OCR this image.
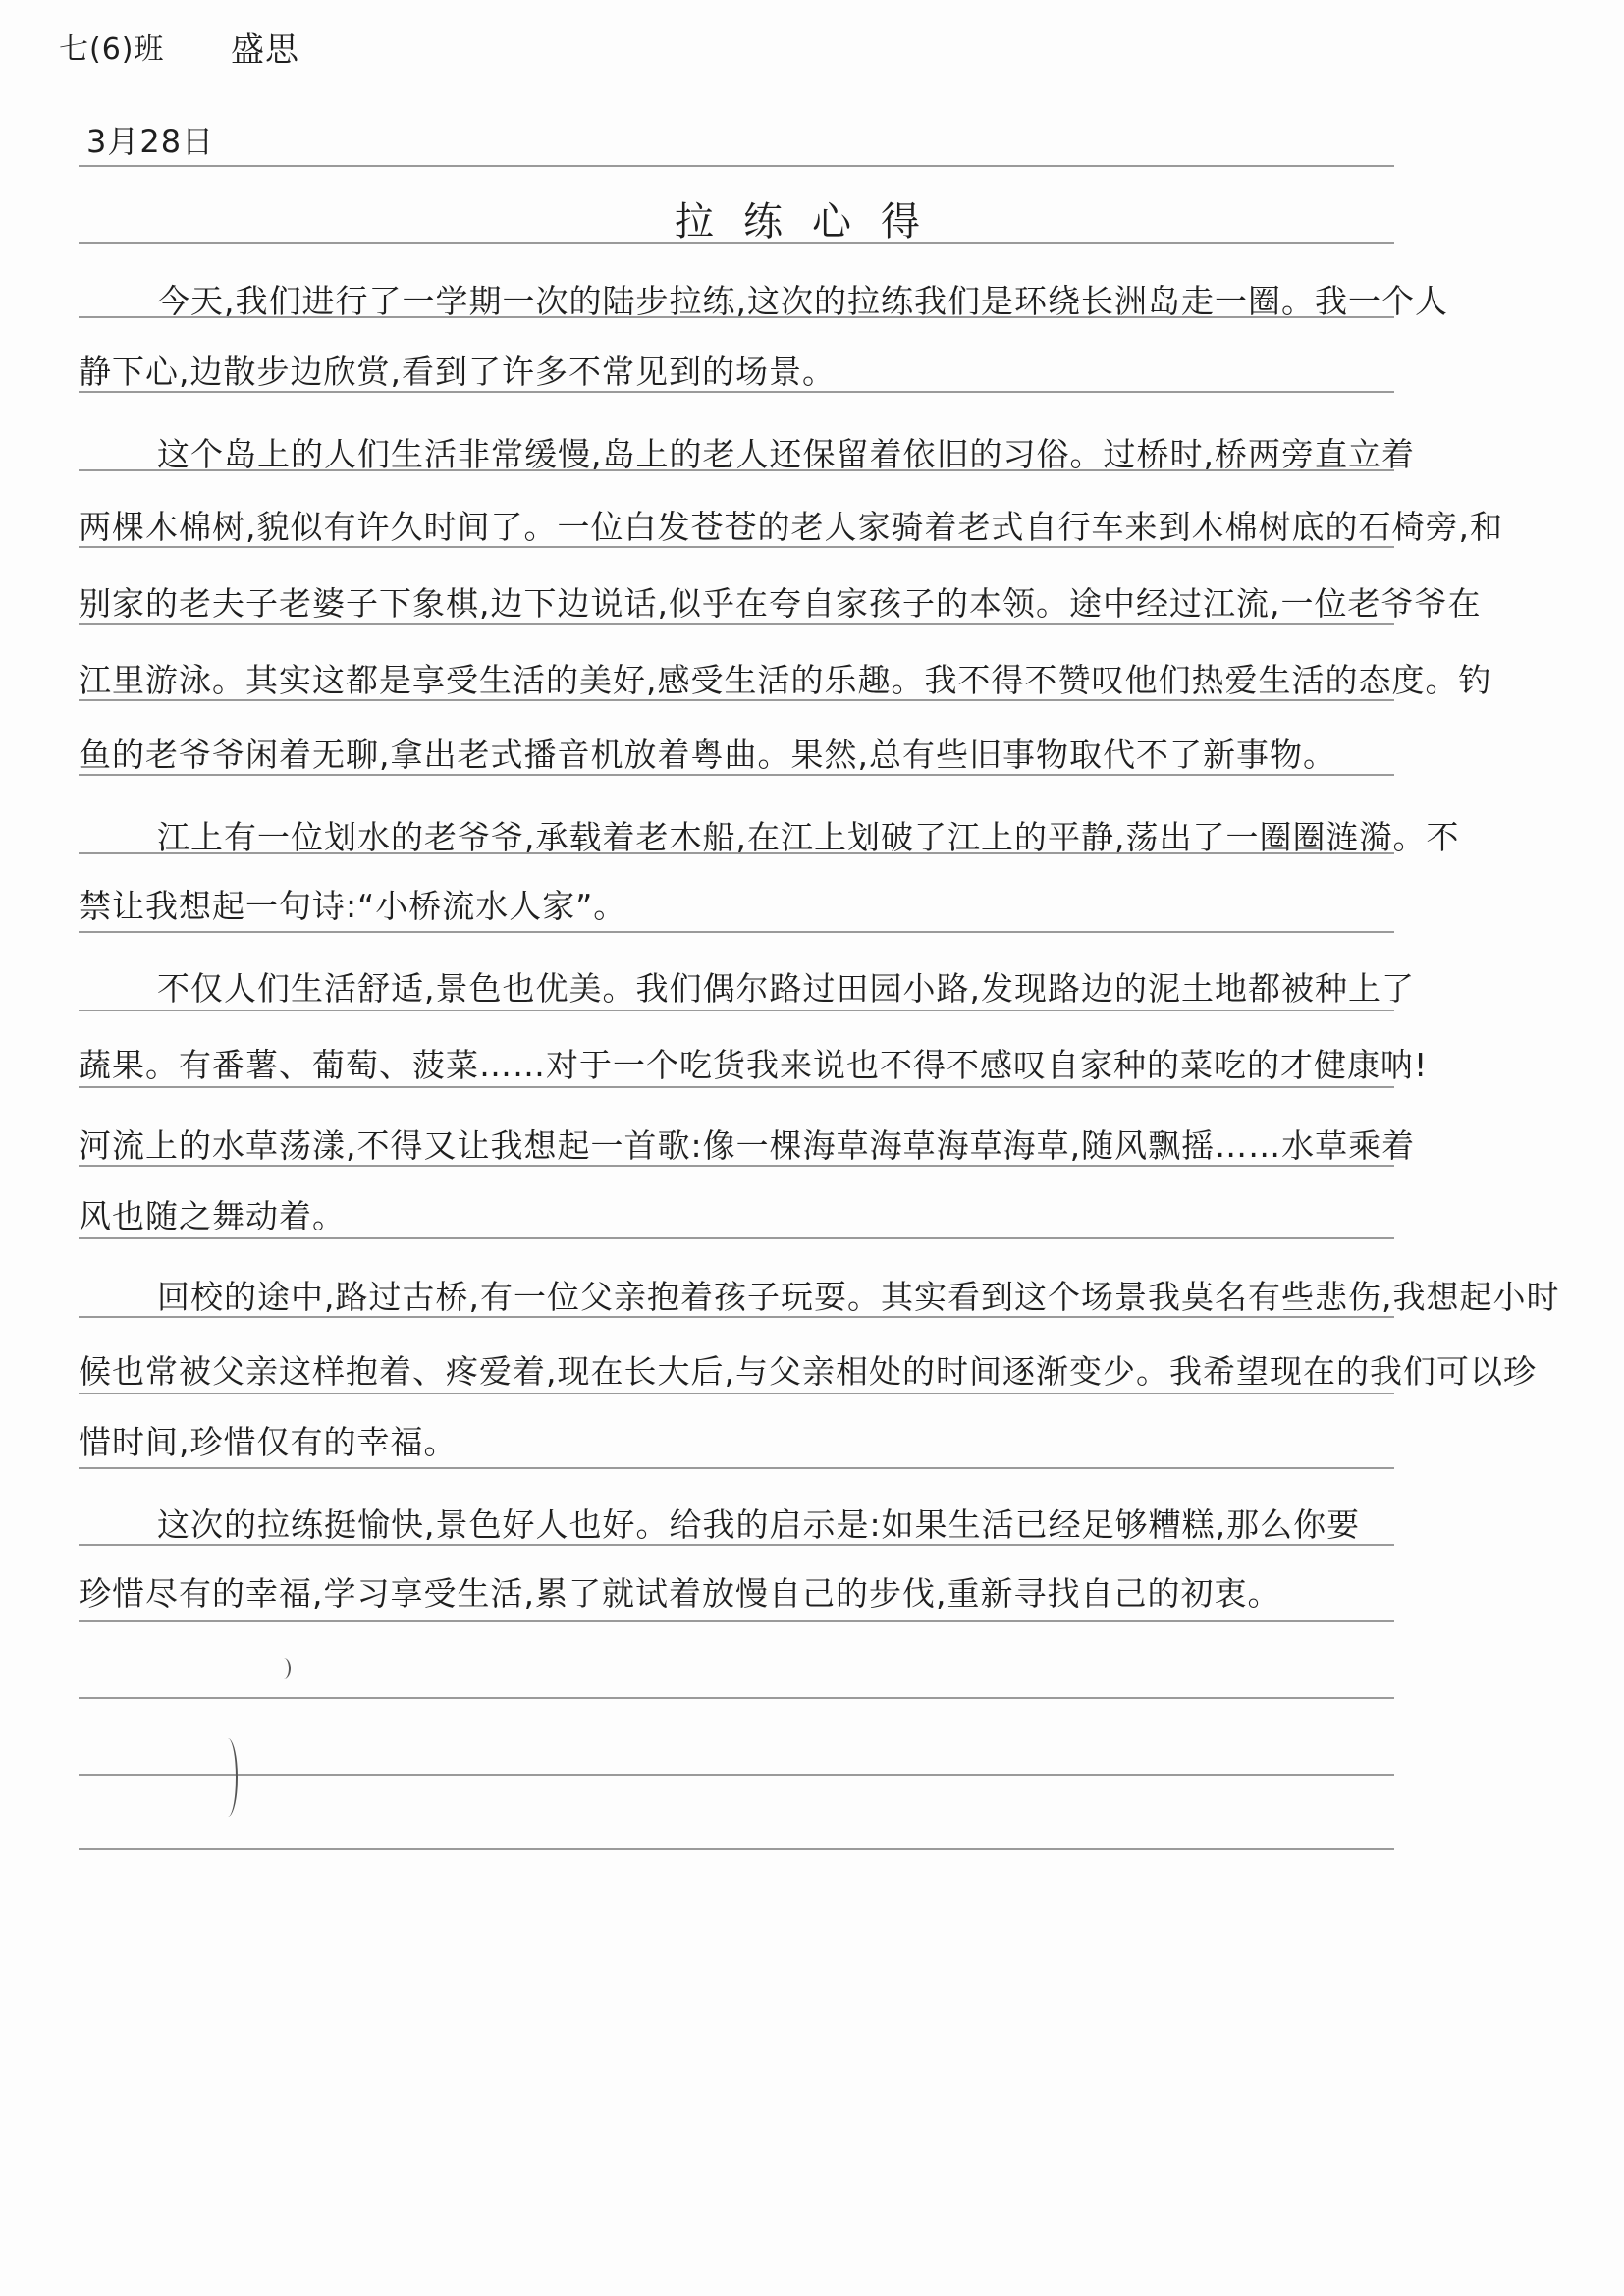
七(6)班 盛思
3月28日
拉练心得
今天,我们进行了一学期一次的陆步拉练,这次的拉练我们是环绕长洲岛走一圈。我一个人
静下心,边散步边欣赏,看到了许多不常见到的场景。
这个岛上的人们生活非常缓慢,岛上的老人还保留着依旧的习俗。过桥时,桥两旁直立着
两棵木棉树,貌似有许久时间了。一位白发苍苍的老人家骑着老式自行车来到木棉树底的石椅旁,和
别家的老夫子老婆子下象棋,边下边说话,似乎在夸自家孩子的本领。途中经过江流,一位老爷爷在
江里游泳。其实这都是享受生活的美好,感受生活的乐趣。我不得不赞叹他们热爱生活的态度。钓
鱼的老爷爷闲着无聊,拿出老式播音机放着粤曲。果然,总有些旧事物取代不了新事物。
江上有一位划水的老爷爷,承载着老木船,在江上划破了江上的平静,荡出了一圈圈涟漪。不
禁让我想起一句诗:“小桥流水人家”。
不仅人们生活舒适,景色也优美。我们偶尔路过田园小路,发现路边的泥土地都被种上了
蔬果。有番薯、葡萄、菠菜……对于一个吃货我来说也不得不感叹自家种的菜吃的才健康呐!
河流上的水草荡漾,不得又让我想起一首歌:像一棵海草海草海草海草,随风飘摇……水草乘着
风也随之舞动着。
回校的途中,路过古桥,有一位父亲抱着孩子玩耍。其实看到这个场景我莫名有些悲伤,我想起小时
候也常被父亲这样抱着、疼爱着,现在长大后,与父亲相处的时间逐渐变少。我希望现在的我们可以珍
惜时间,珍惜仅有的幸福。
这次的拉练挺愉快,景色好人也好。给我的启示是:如果生活已经足够糟糕,那么你要
珍惜尽有的幸福,学习享受生活,累了就试着放慢自己的步伐,重新寻找自己的初衷。
